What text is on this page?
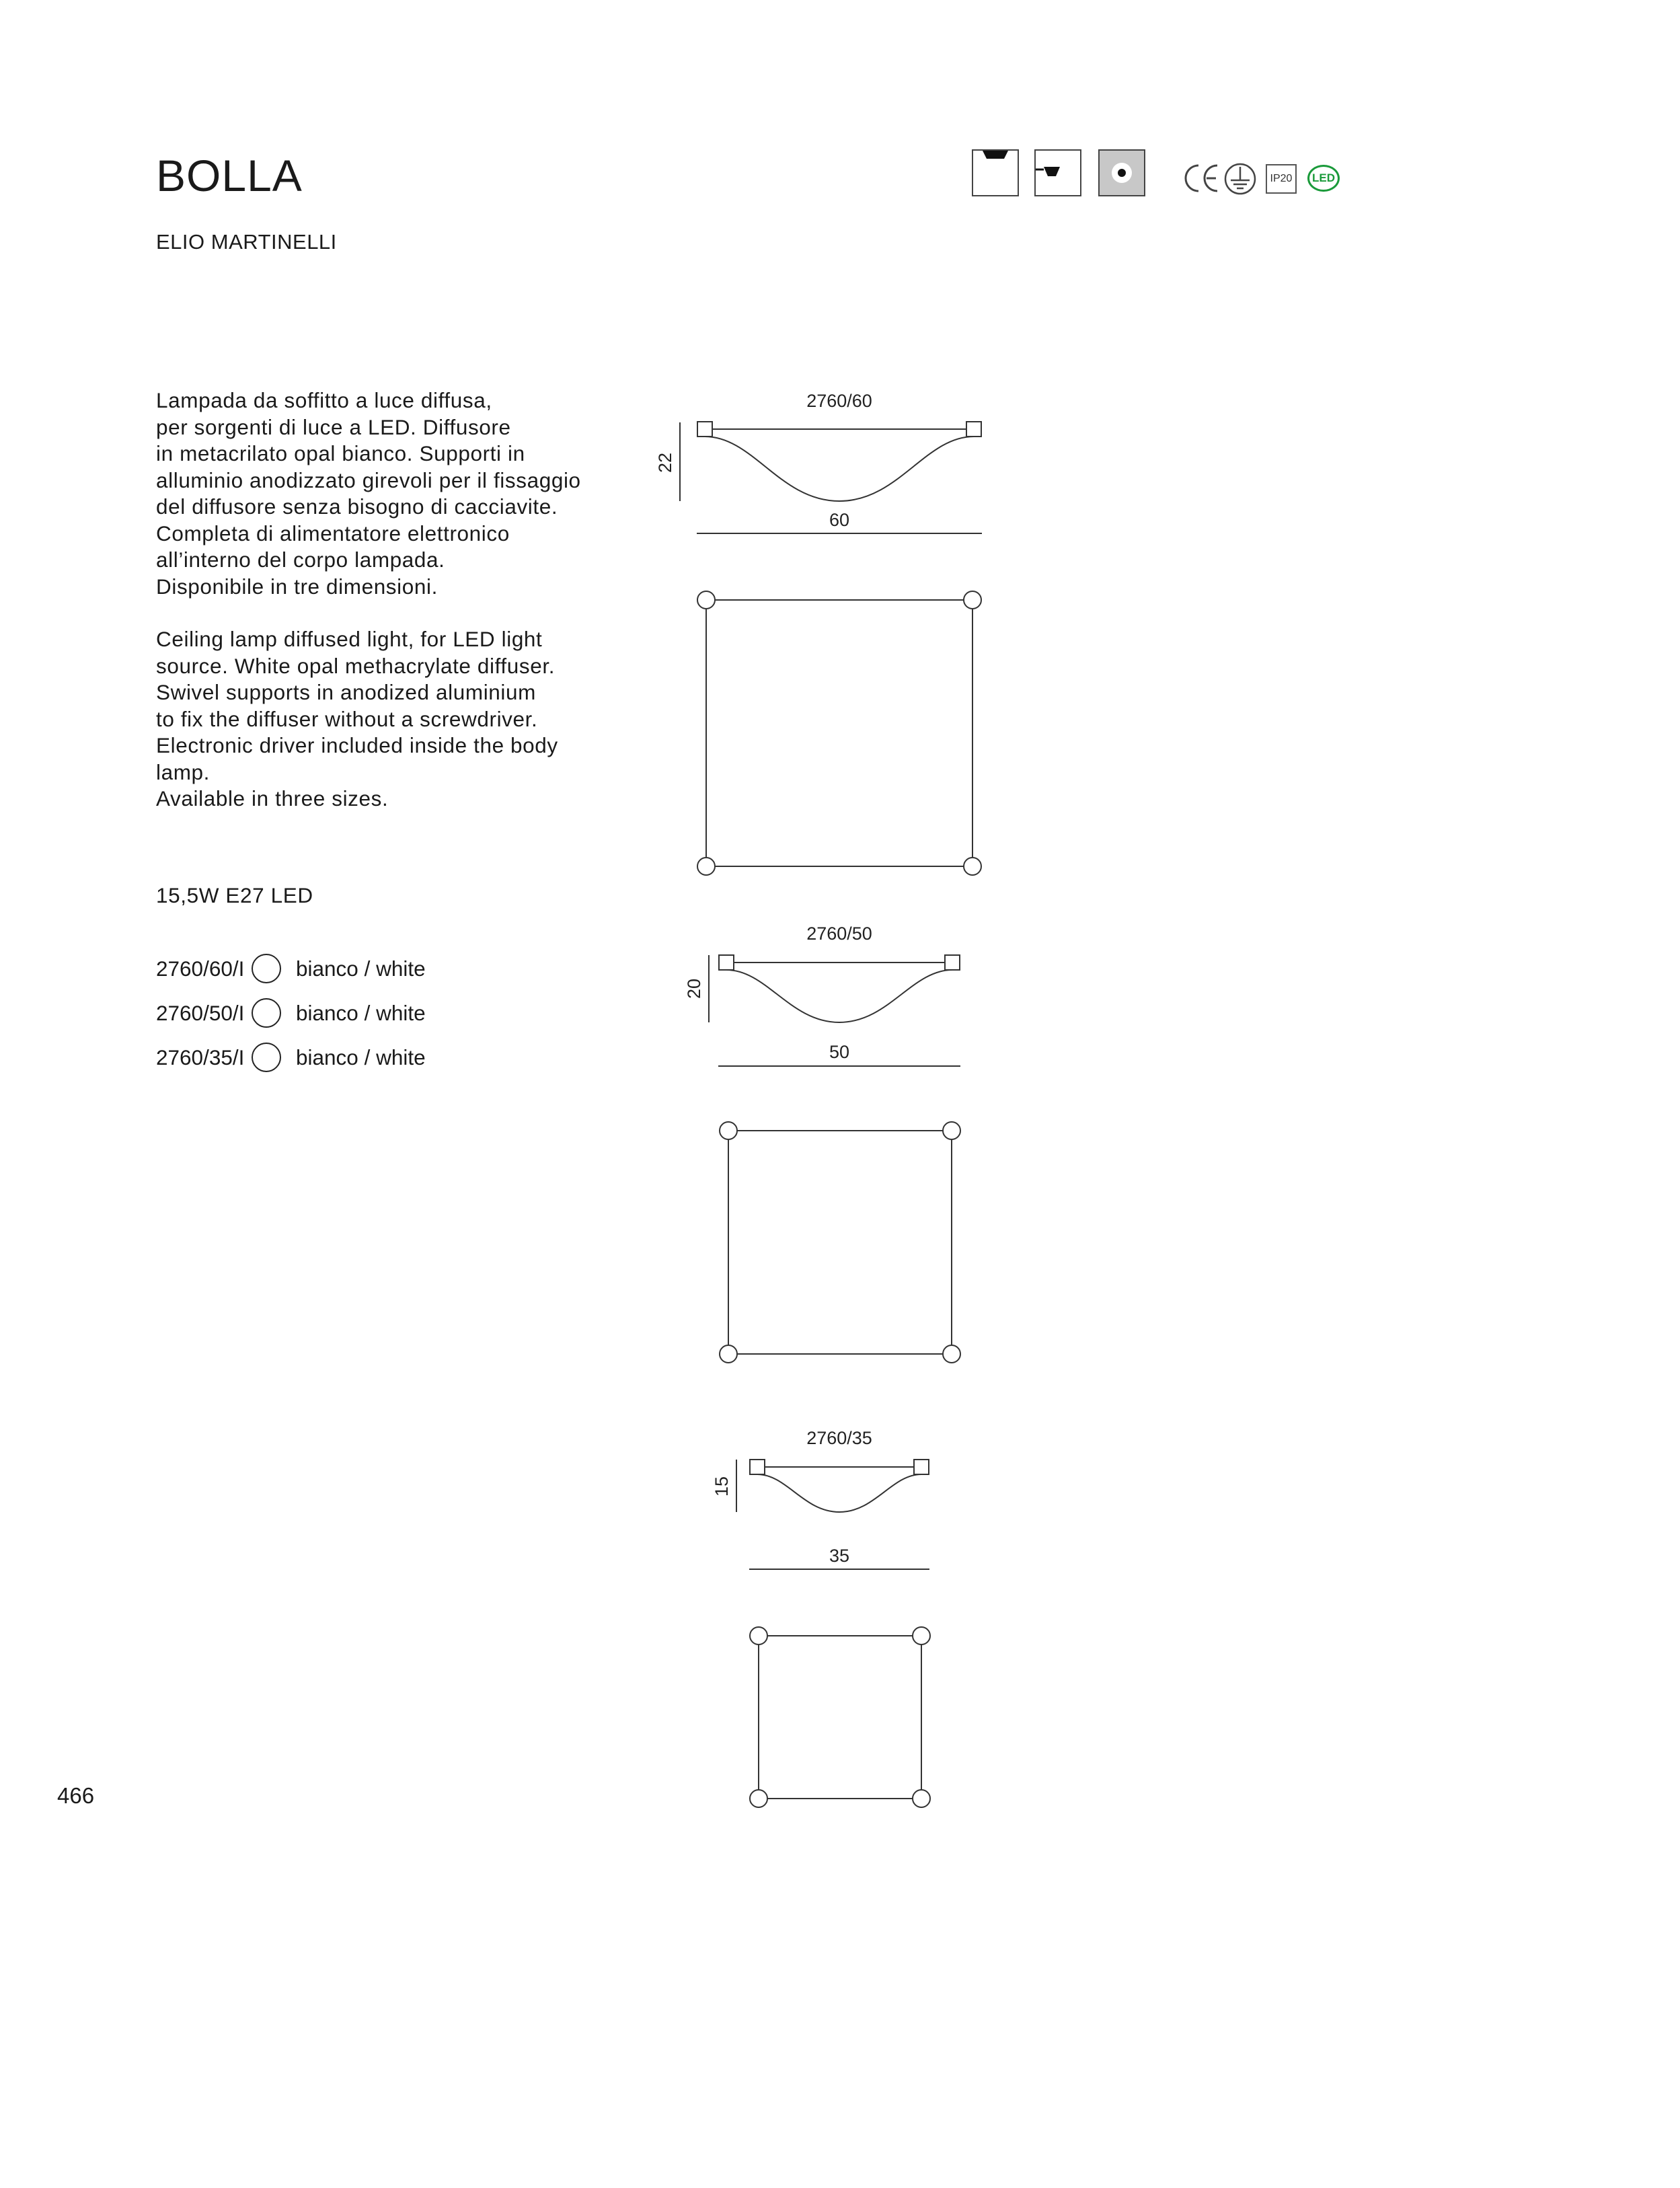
BOLLA
ELIO MARTINELLI
IP20 LED
Lampada da soffitto a luce diffusa,
per sorgenti di luce a LED. Diffusore
in metacrilato opal bianco. Supporti in
alluminio anodizzato girevoli per il fissaggio
del diffusore senza bisogno di cacciavite.
Completa di alimentatore elettronico
all’interno del corpo lampada.
Disponibile in tre dimensioni.
Ceiling lamp diffused light, for LED light
source. White opal methacrylate diffuser.
Swivel supports in anodized aluminium
to fix the diffuser without a screwdriver.
Electronic driver included inside the body
lamp.
Available in three sizes.
15,5W E27 LED
2760/60/I	bianco / white
2760/50/I	bianco / white
2760/35/I	bianco / white
2760/60
60
22
2760/50
50
20
2760/35
35
15
466
